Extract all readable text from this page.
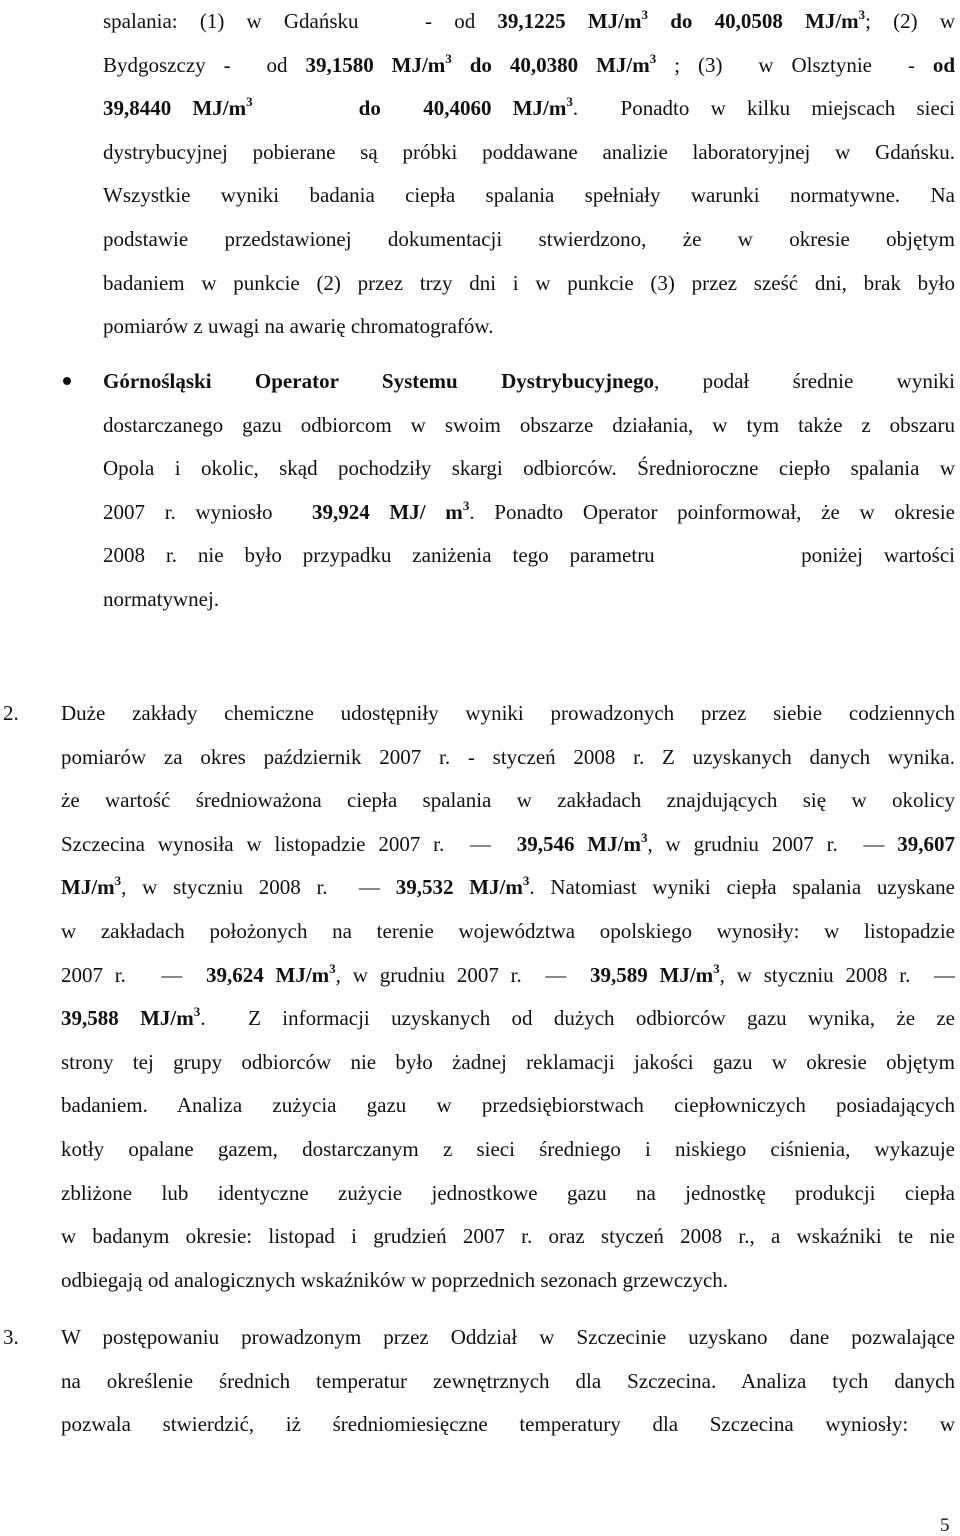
spalania: (1) w Gdańsku   - od 39,1225 $MJ/m^3$ do 40,0508 $MJ/m^3$; (2) w
Bydgoszczy -  od 39,1580 $MJ/m^3$ do 40,0380 $MJ/m^3$ ; (3)  w Olsztynie  - od
39,8440 $MJ/m^3$	do 40,4060 $MJ/m^3$.  Ponadto w kilku miejscach sieci
dystrybucyjnej pobierane są próbki poddawane analizie laboratoryjnej w Gdańsku.
Wszystkie wyniki badania ciepła spalania spełniały warunki normatywne. Na
podstawie przedstawionej dokumentacji stwierdzono, że w okresie objętym
badaniem w punkcie (2) przez trzy dni i w punkcie (3) przez sześć dni, brak było
pomiarów z uwagi na awarię chromatografów.
Górnośląski Operator Systemu Dystrybucyjnego, podał średnie wyniki
dostarczanego gazu odbiorcom w swoim obszarze działania, w tym także z obszaru
Opola i okolic, skąd pochodziły skargi odbiorców. Średnioroczne ciepło spalania w
2007 r. wyniosło  39,924 MJ/ $m^3$. Ponadto Operator poinformował, że w okresie
2008 r. nie było przypadku zaniżenia tego parametru       poniżej wartości
normatywnej.
2. Duże zakłady chemiczne udostępniły wyniki prowadzonych przez siebie codziennych
pomiarów za okres październik 2007 r. - styczeń 2008 r. Z uzyskanych danych wynika.
że wartość średnioważona ciepła spalania w zakładach znajdujących się w okolicy
Szczecina wynosiła w listopadzie 2007 r.  —  39,546 $MJ/m^3$, w grudniu 2007 r.  — 39,607
$MJ/m^3$, w styczniu 2008 r.  — 39,532 $MJ/m^3$. Natomiast wyniki ciepła spalania uzyskane
w zakładach położonych na terenie województwa opolskiego wynosiły: w listopadzie
2007 r.   —  39,624 $MJ/m^3$, w grudniu 2007 r.  —  39,589 $MJ/m^3$, w styczniu 2008 r.  —
39,588 $MJ/m^3$.  Z informacji uzyskanych od dużych odbiorców gazu wynika, że ze
strony tej grupy odbiorców nie było żadnej reklamacji jakości gazu w okresie objętym
badaniem. Analiza zużycia gazu w przedsiębiorstwach ciepłowniczych posiadających
kotły opalane gazem, dostarczanym z sieci średniego i niskiego ciśnienia, wykazuje
zbliżone lub identyczne zużycie jednostkowe gazu na jednostkę produkcji ciepła
w badanym okresie: listopad i grudzień 2007 r. oraz styczeń 2008 r., a wskaźniki te nie
odbiegają od analogicznych wskaźników w poprzednich sezonach grzewczych.
3. W postępowaniu prowadzonym przez Oddział w Szczecinie uzyskano dane pozwalające
na określenie średnich temperatur zewnętrznych dla Szczecina. Analiza tych danych
pozwala stwierdzić, iż średniomiesięczne temperatury dla Szczecina wyniosły: w
5
